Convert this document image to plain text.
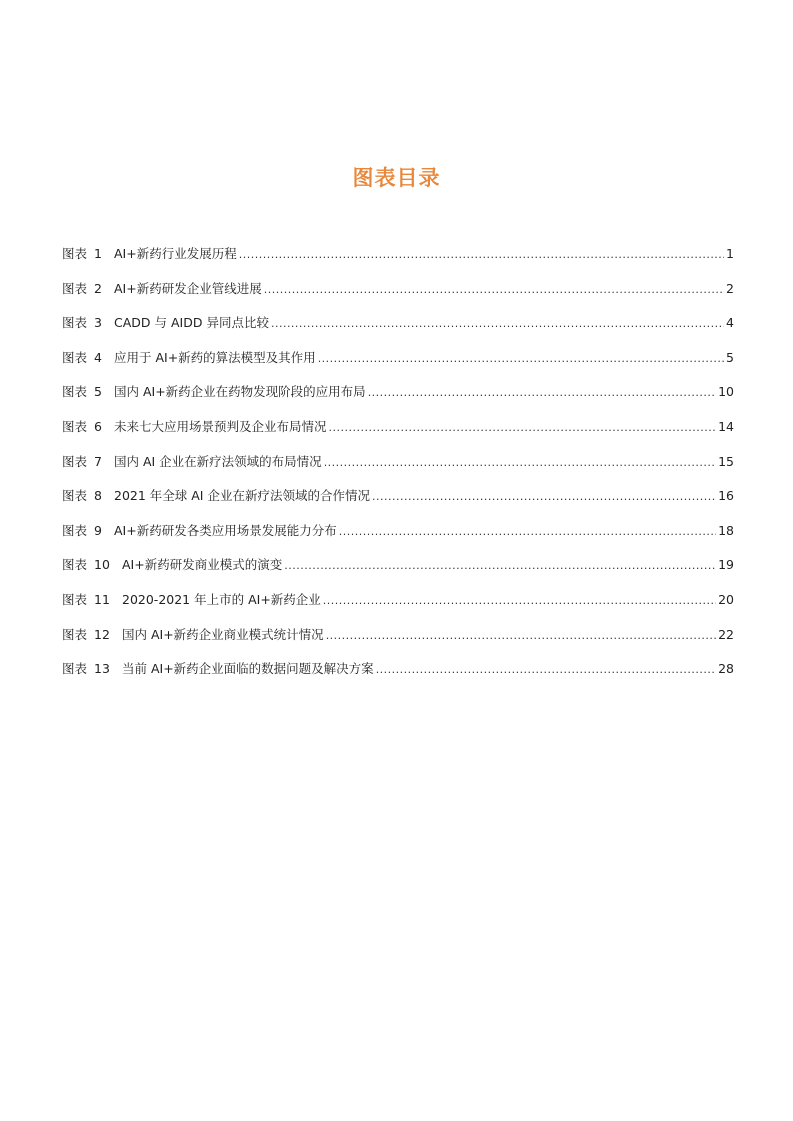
图表目录
图表 1 AI+新药行业发展历程 .....	1
图表 2 AI+新药研发企业管线进展 .....	2
图表 3 CADD 与 AIDD 异同点比较 .....	4
图表 4 应用于 AI+新药的算法模型及其作用 .....	5
图表 5 国内 AI+新药企业在药物发现阶段的应用布局 .....	10
图表 6 未来七大应用场景预判及企业布局情况 .....	14
图表 7 国内 AI 企业在新疗法领域的布局情况 .....	15
图表 8 2021 年全球 AI 企业在新疗法领域的合作情况 .....	16
图表 9 AI+新药研发各类应用场景发展能力分布 .....	18
图表 10 AI+新药研发商业模式的演变 .....	19
图表 11 2020-2021 年上市的 AI+新药企业 .....	20
图表 12 国内 AI+新药企业商业模式统计情况 .....	22
图表 13 当前 AI+新药企业面临的数据问题及解决方案 .....	28
